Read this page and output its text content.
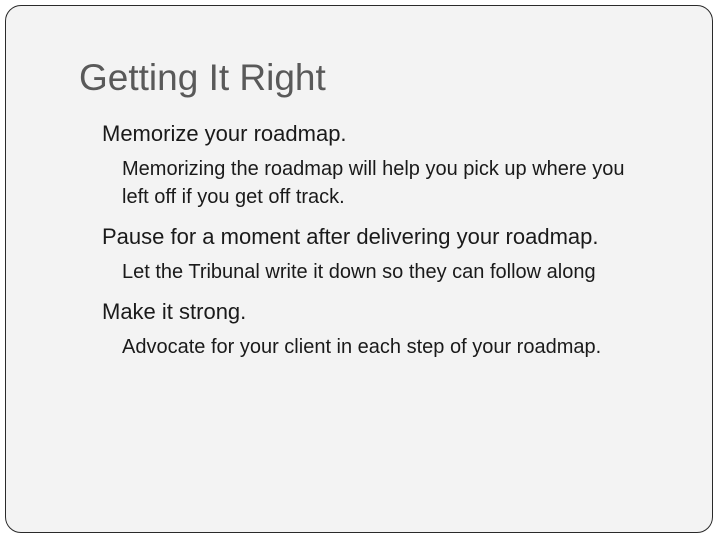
Getting It Right
Memorize your roadmap.
Memorizing the roadmap will help you pick up where you left off if you get off track.
Pause for a moment after delivering your roadmap.
Let the Tribunal write it down so they can follow along
Make it strong.
Advocate for your client in each step of your roadmap.
